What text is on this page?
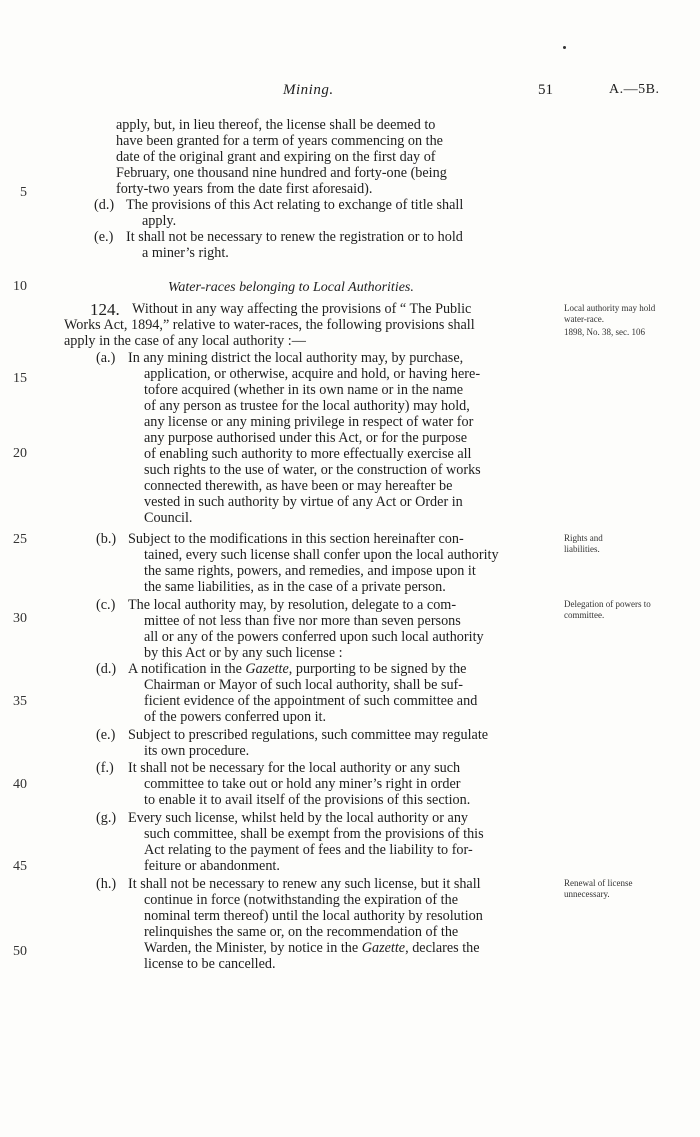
Mining.	51	A.—5B.
5
10
15
20
25
30
35
40
45
50
apply, but, in lieu thereof, the license shall be deemed to
have been granted for a term of years commencing on the
date of the original grant and expiring on the first day of
February, one thousand nine hundred and forty-one (being
forty-two years from the date first aforesaid).
(d.) The provisions of this Act relating to exchange of title shall
apply.
(e.) It shall not be necessary to renew the registration or to hold
a miner’s right.
Water-races belonging to Local Authorities.
124. Without in any way affecting the provisions of “ The Public
Works Act, 1894,” relative to water-races, the following provisions shall
apply in the case of any local authority :—
(a.) In any mining district the local authority may, by purchase,
application, or otherwise, acquire and hold, or having here-
tofore acquired (whether in its own name or in the name
of any person as trustee for the local authority) may hold,
any license or any mining privilege in respect of water for
any purpose authorised under this Act, or for the purpose
of enabling such authority to more effectually exercise all
such rights to the use of water, or the construction of works
connected therewith, as have been or may hereafter be
vested in such authority by virtue of any Act or Order in
Council.
(b.) Subject to the modifications in this section hereinafter con-
tained, every such license shall confer upon the local authority
the same rights, powers, and remedies, and impose upon it
the same liabilities, as in the case of a private person.
(c.) The local authority may, by resolution, delegate to a com-
mittee of not less than five nor more than seven persons
all or any of the powers conferred upon such local authority
by this Act or by any such license :
(d.) A notification in the Gazette, purporting to be signed by the
Chairman or Mayor of such local authority, shall be suf-
ficient evidence of the appointment of such committee and
of the powers conferred upon it.
(e.) Subject to prescribed regulations, such committee may regulate
its own procedure.
(f.) It shall not be necessary for the local authority or any such
committee to take out or hold any miner’s right in order
to enable it to avail itself of the provisions of this section.
(g.) Every such license, whilst held by the local authority or any
such committee, shall be exempt from the provisions of this
Act relating to the payment of fees and the liability to for-
feiture or abandonment.
(h.) It shall not be necessary to renew any such license, but it shall
continue in force (notwithstanding the expiration of the
nominal term thereof) until the local authority by resolution
relinquishes the same or, on the recommendation of the
Warden, the Minister, by notice in the Gazette, declares the
license to be cancelled.
Local authority may hold water-race.
1898, No. 38, sec. 106
Rights and liabilities.
Delegation of powers to committee.
Renewal of license unnecessary.
